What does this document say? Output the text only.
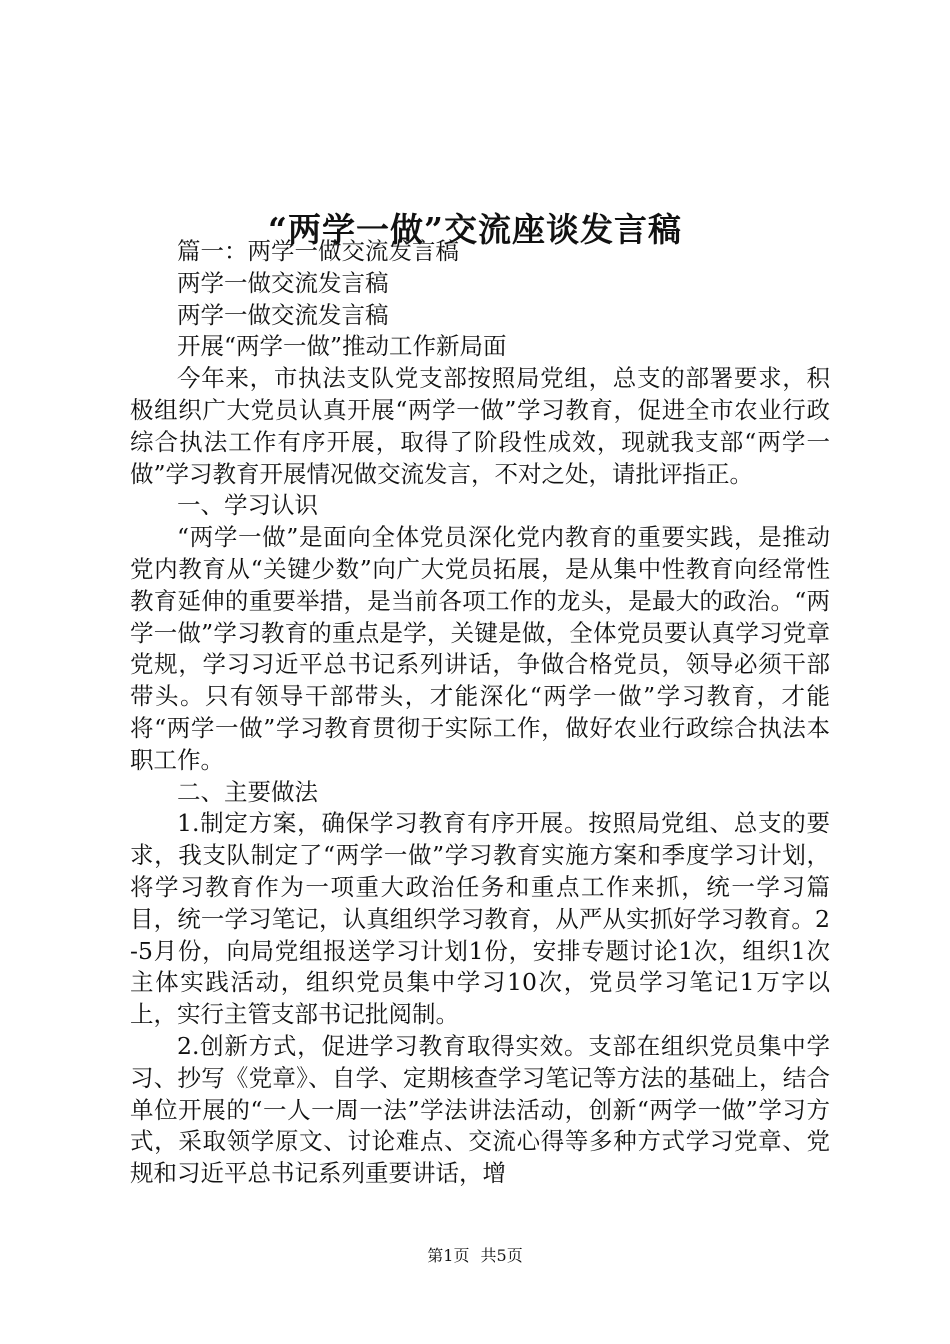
“两学一做”交流座谈发言稿

篇一：两学一做交流发言稿

两学一做交流发言稿

两学一做交流发言稿

开展“两学一做”推动工作新局面

今年来，市执法支队党支部按照局党组，总支的部署要求，积极组织广大党员认真开展“两学一做”学习教育，促进全市农业行政综合执法工作有序开展，取得了阶段性成效，现就我支部“两学一做”学习教育开展情况做交流发言，不对之处，请批评指正。

一、学习认识

“两学一做”是面向全体党员深化党内教育的重要实践，是推动党内教育从“关键少数”向广大党员拓展，是从集中性教育向经常性教育延伸的重要举措，是当前各项工作的龙头，是最大的政治。“两学一做”学习教育的重点是学，关键是做，全体党员要认真学习党章党规，学习习近平总书记系列讲话，争做合格党员，领导必须干部带头。只有领导干部带头，才能深化“两学一做”学习教育，才能将“两学一做”学习教育贯彻于实际工作，做好农业行政综合执法本职工作。

二、主要做法

1.制定方案，确保学习教育有序开展。按照局党组、总支的要求，我支队制定了“两学一做”学习教育实施方案和季度学习计划，将学习教育作为一项重大政治任务和重点工作来抓，统一学习篇目，统一学习笔记，认真组织学习教育，从严从实抓好学习教育。2-5月份，向局党组报送学习计划1份，安排专题讨论1次，组织1次主体实践活动，组织党员集中学习10次，党员学习笔记1万字以上，实行主管支部书记批阅制。

2.创新方式，促进学习教育取得实效。支部在组织党员集中学习、抄写《党章》、自学、定期核查学习笔记等方法的基础上，结合单位开展的“一人一周一法”学法讲法活动，创新“两学一做”学习方式，采取领学原文、讨论难点、交流心得等多种方式学习党章、党规和习近平总书记系列重要讲话，增

第1页 共5页
